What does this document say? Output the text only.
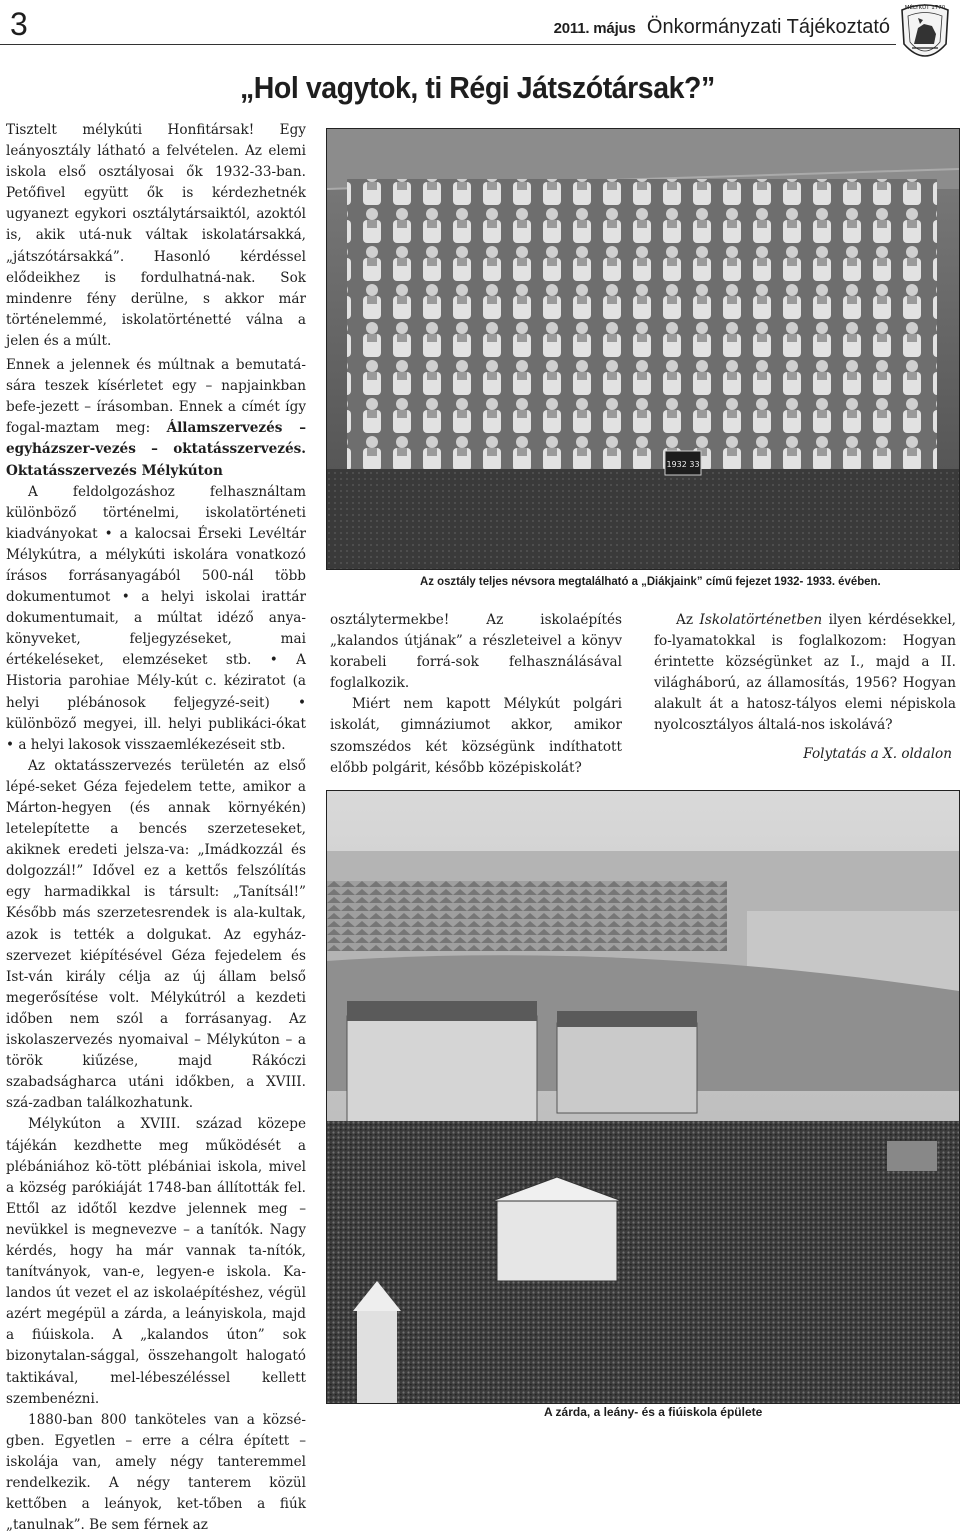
3	2011. május Önkormányzati Tájékoztató
MÉLYKÚT 1770
„Hol vagytok, ti Régi Játszótársak?”

Tisztelt mélykúti Honfitársak! Egy leányosztály látható a felvételen. Az elemi iskola első osztályosai ők 1932-33-ban. Petőfivel együtt ők is kérdezhetnék ugyanezt egykori osztálytársaiktól, azoktól is, akik utá-nuk váltak iskolatársakká, „játszótársakká”. Hasonló kérdéssel elődeikhez is fordulhatná-nak. Sok mindenre fény derülne, s akkor már történelemmé, iskolatörténetté válna a jelen és a múlt.

Ennek a jelennek és múltnak a bemutatá-sára teszek kísérletet egy – napjainkban befe-jezett – írásomban. Ennek a címét így fogal-maztam meg: Államszervezés – egyházszer-vezés – oktatásszervezés. Oktatásszervezés Mélykúton

A feldolgozáshoz felhasználtam különböző történelmi, iskolatörténeti kiadványokat • a kalocsai Érseki Levéltár Mélykútra, a mélykúti iskolára vonatkozó írásos forrásanyagából 500-nál több dokumentumot • a helyi iskolai irattár dokumentumait, a múltat idéző anya-könyveket, feljegyzéseket, mai értékeléseket, elemzéseket stb. • A Historia parohiae Mély-kút c. kéziratot (a helyi plébánosok feljegyzé-seit) • különböző megyei, ill. helyi publikáci-ókat • a helyi lakosok visszaemlékezéseit stb.

Az oktatásszervezés területén az első lépé-seket Géza fejedelem tette, amikor a Márton-hegyen (és annak környékén) letelepítette a bencés szerzeteseket, akiknek eredeti jelsza-va: „Imádkozzál és dolgozzál!” Idővel ez a kettős felszólítás egy harmadikkal is társult: „Tanítsál!” Később más szerzetesrendek is ala-kultak, azok is tették a dolgukat. Az egyház-szervezet kiépítésével Géza fejedelem és Ist-ván király célja az új állam belső megerősítése volt. Mélykútról a kezdeti időben nem szól a forrásanyag. Az iskolaszervezés nyomaival – Mélykúton – a török kiűzése, majd Rákóczi szabadságharca utáni időkben, a XVIII. szá-zadban találkozhatunk.

Mélykúton a XVIII. század közepe tájékán kezdhette meg működését a plébániához kö-tött plébániai iskola, mivel a község parókiáját 1748-ban állították fel. Ettől az időtől kezdve jelennek meg – nevükkel is megnevezve – a tanítók. Nagy kérdés, hogy ha már vannak ta-nítók, tanítványok, van-e, legyen-e iskola. Ka-landos út vezet el az iskolaépítéshez, végül azért megépül a zárda, a leányiskola, majd a fiúiskola. A „kalandos úton” sok bizonytalan-sággal, összehangolt halogató taktikával, mel-lébeszéléssel kellett szembenézni.

1880-ban 800 tanköteles van a közsé-gben. Egyetlen – erre a célra épített – iskolája van, amely négy tanteremmel rendelkezik. A négy tanterem közül kettőben a leányok, ket-tőben a fiúk „tanulnak”. Be sem férnek az

1932 33
Az osztály teljes névsora megtalálható a „Diákjaink” című fejezet 1932- 1933. évében.

osztálytermekbe! Az iskolaépítés „kalandos útjának” a részleteivel a könyv korabeli forrá-sok felhasználásával foglalkozik.

Miért nem kapott Mélykút polgári iskolát, gimnáziumot akkor, amikor szomszédos két községünk indíthatott előbb polgárit, később középiskolát?

Az Iskolatörténetben ilyen kérdésekkel, fo-lyamatokkal is foglalkozom: Hogyan érintette községünket az I., majd a II. világháború, az államosítás, 1956? Hogyan alakult át a hatosz-tályos elemi népiskola nyolcosztályos általá-nos iskolává?

Folytatás a X. oldalon
A zárda, a leány- és a fiúiskola épülete
